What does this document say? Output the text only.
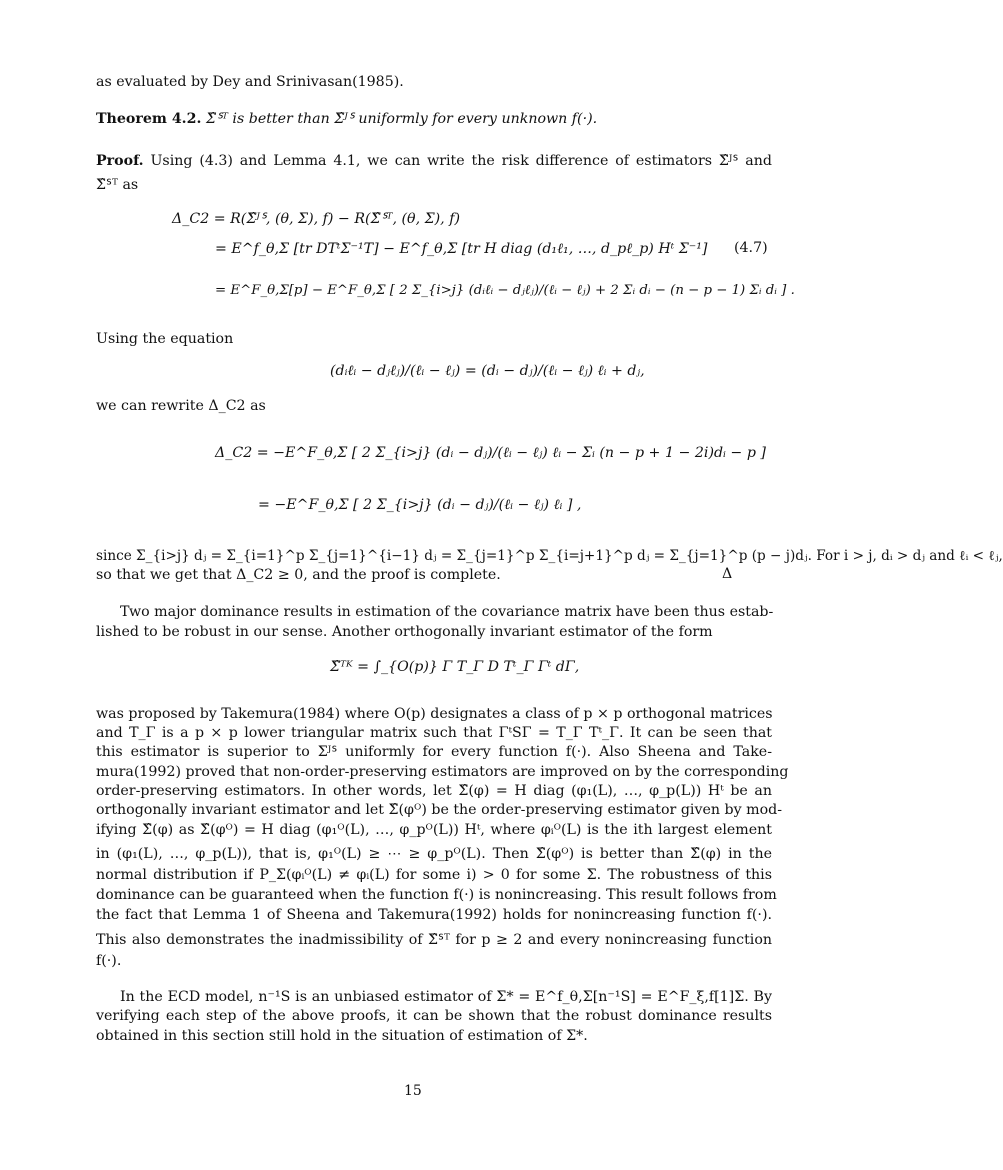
as evaluated by Dey and Srinivasan(1985).
Theorem 4.2. Σ̂ᔆᵀ is better than Σ̂ᴶᔆ uniformly for every unknown f(·).
Proof. Using (4.3) and Lemma 4.1, we can write the risk difference of estimators Σ̂ᴶᔆ and
Σ̂ᔆᵀ as
Δ_C2 = R(Σ̂ᴶᔆ, (θ, Σ), f) − R(Σ̂ᔆᵀ, (θ, Σ), f)
= E^f_θ,Σ [tr DTᵗΣ⁻¹T] − E^f_θ,Σ [tr H diag (d₁ℓ₁, …, d_pℓ_p) Hᵗ Σ⁻¹] (4.7)
= E^F_θ,Σ[p] − E^F_θ,Σ [ 2 Σ_{i>j} (dᵢℓᵢ − dⱼℓⱼ)/(ℓᵢ − ℓⱼ) + 2 Σᵢ dᵢ − (n − p − 1) Σᵢ dᵢ ] .
Using the equation
(dᵢℓᵢ − dⱼℓⱼ)/(ℓᵢ − ℓⱼ) = (dᵢ − dⱼ)/(ℓᵢ − ℓⱼ) ℓᵢ + dⱼ,
we can rewrite Δ_C2 as
Δ_C2 = −E^F_θ,Σ [ 2 Σ_{i>j} (dᵢ − dⱼ)/(ℓᵢ − ℓⱼ) ℓᵢ − Σᵢ (n − p + 1 − 2i)dᵢ − p ]
= −E^F_θ,Σ [ 2 Σ_{i>j} (dᵢ − dⱼ)/(ℓᵢ − ℓⱼ) ℓᵢ ] ,
since Σ_{i>j} dⱼ = Σ_{i=1}^p Σ_{j=1}^{i−1} dⱼ = Σ_{j=1}^p Σ_{i=j+1}^p dⱼ = Σ_{j=1}^p (p − j)dⱼ. For i > j, dᵢ > dⱼ and ℓᵢ < ℓⱼ,
so that we get that Δ_C2 ≥ 0, and the proof is complete.	Δ
Two major dominance results in estimation of the covariance matrix have been thus estab-
lished to be robust in our sense. Another orthogonally invariant estimator of the form
Σ̂ᵀᴷ = ∫_{O(p)} Γ T_Γ D Tᵗ_Γ Γᵗ dΓ,
was proposed by Takemura(1984) where O(p) designates a class of p × p orthogonal matrices
and T_Γ is a p × p lower triangular matrix such that ΓᵗSΓ = T_Γ Tᵗ_Γ. It can be seen that
this estimator is superior to Σᴶᔆ uniformly for every function f(·). Also Sheena and Take-
mura(1992) proved that non-order-preserving estimators are improved on by the corresponding
order-preserving estimators. In other words, let Σ̂(φ) = H diag (φ₁(L), …, φ_p(L)) Hᵗ be an
orthogonally invariant estimator and let Σ̂(φᴼ) be the order-preserving estimator given by mod-
ifying Σ̂(φ) as Σ̂(φᴼ) = H diag (φ₁ᴼ(L), …, φ_pᴼ(L)) Hᵗ, where φᵢᴼ(L) is the ith largest element
in (φ₁(L), …, φ_p(L)), that is, φ₁ᴼ(L) ≥ ⋯ ≥ φ_pᴼ(L). Then Σ̂(φᴼ) is better than Σ̂(φ) in the
normal distribution if P_Σ(φᵢᴼ(L) ≠ φᵢ(L) for some i) > 0 for some Σ. The robustness of this
dominance can be guaranteed when the function f(·) is nonincreasing. This result follows from
the fact that Lemma 1 of Sheena and Takemura(1992) holds for nonincreasing function f(·).
This also demonstrates the inadmissibility of Σ̂ᔆᵀ for p ≥ 2 and every nonincreasing function
f(·).
In the ECD model, n⁻¹S is an unbiased estimator of Σ* = E^f_θ,Σ[n⁻¹S] = E^F_ξ,f[1]Σ. By
verifying each step of the above proofs, it can be shown that the robust dominance results
obtained in this section still hold in the situation of estimation of Σ*.
15
